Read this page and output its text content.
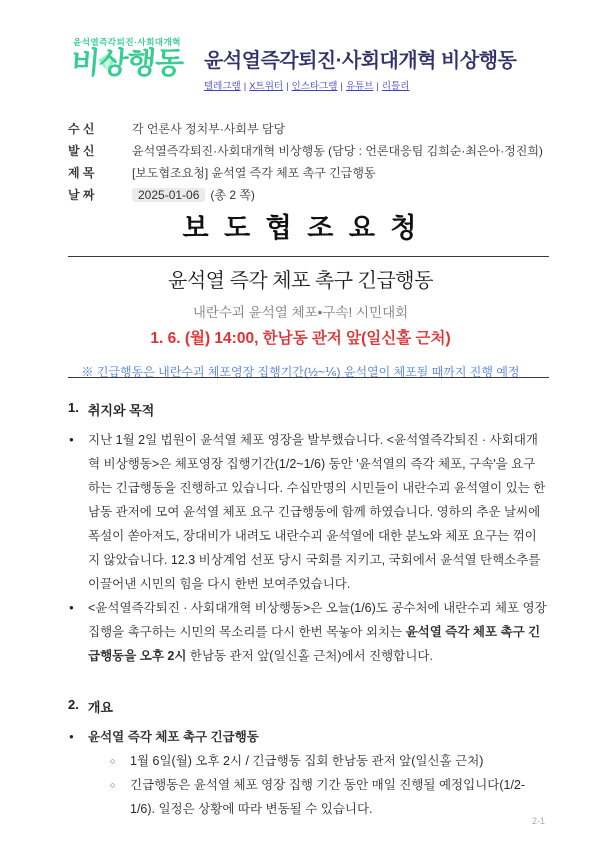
윤석열즉각퇴진·사회대개혁
비상행동 윤석열즉각퇴진·사회대개혁 비상행동
텔레그램 | X트위터 | 인스타그램 | 유튜브 | 리틀리
수 신	각 언론사 정치부·사회부 담당
발 신	윤석열즉각퇴진·사회대개혁 비상행동 (담당 : 언론대응팀 김희순·최은아·정진희)
제 목	[보도협조요청] 윤석열 즉각 체포 촉구 긴급행동
날 짜	2025-01-06 (총 2 쪽)
보 도 협 조 요 청
윤석열 즉각 체포 촉구 긴급행동
내란수괴 윤석열 체포•구속! 시민대회
1. 6. (월) 14:00, 한남동 관저 앞(일신홀 근처)
※ 긴급행동은 내란수괴 체포영장 집행기간(½~⅙) 윤석열이 체포될 때까지 진행 예정
1. 취지와 목적
● 지난 1월 2일 법원이 윤석열 체포 영장을 발부했습니다. <윤석열즉각퇴진 · 사회대개혁 비상행동>은 체포영장 집행기간(1/2~1/6) 동안 '윤석열의 즉각 체포, 구속'을 요구하는 긴급행동을 진행하고 있습니다. 수십만명의 시민들이 내란수괴 윤석열이 있는 한남동 관저에 모여 윤석열 체포 요구 긴급행동에 함께 하였습니다. 영하의 추운 날씨에 폭설이 쏟아져도, 장대비가 내려도 내란수괴 윤석열에 대한 분노와 체포 요구는 꺾이지 않았습니다. 12.3 비상계엄 선포 당시 국회를 지키고, 국회에서 윤석열 탄핵소추를 이끌어낸 시민의 힘을 다시 한번 보여주었습니다.
● <윤석열즉각퇴진 · 사회대개혁 비상행동>은 오늘(1/6)도 공수처에 내란수괴 체포 영장 집행을 촉구하는 시민의 목소리를 다시 한번 목놓아 외치는 윤석열 즉각 체포 촉구 긴급행동을 오후 2시 한남동 관저 앞(일신홀 근처)에서 진행합니다.
2. 개요
● 윤석열 즉각 체포 촉구 긴급행동
○ 1월 6일(월) 오후 2시 / 긴급행동 집회 한남동 관저 앞(일신홀 근처)
○ 긴급행동은 윤석열 체포 영장 집행 기간 동안 매일 진행될 예정입니다(1/2-1/6). 일정은 상황에 따라 변동될 수 있습니다.
2-1
